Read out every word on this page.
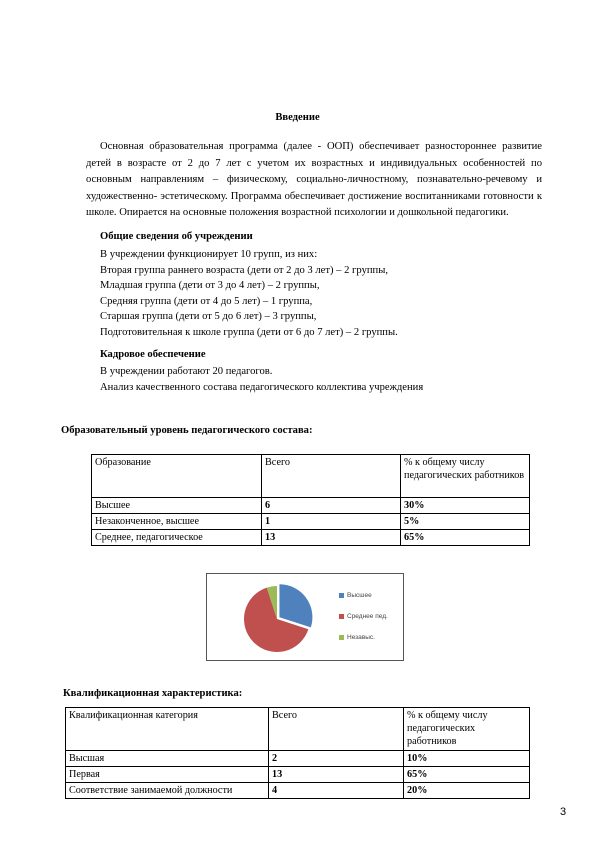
Введение

Основная образовательная программа (далее - ООП) обеспечивает разностороннее развитие детей в возрасте от 2 до 7 лет с учетом их возрастных и индивидуальных особенностей по основным направлениям – физическому, социально-личностному, познавательно-речевому и художественно- эстетическому. Программа обеспечивает достижение воспитанниками готовности к школе. Опирается на основные положения возрастной психологии и дошкольной педагогики.

Общие сведения об учреждении
В учреждении функционирует 10 групп, из них:
Вторая группа раннего возраста (дети от 2 до 3 лет) – 2 группы,
Младшая группа (дети от 3 до 4 лет) – 2 группы,
Средняя группа (дети от 4 до 5 лет) – 1 группа,
Старшая группа (дети от 5 до 6 лет) – 3 группы,
Подготовительная к школе группа (дети от 6 до 7 лет) – 2 группы.
Кадровое обеспечение
В учреждении работают 20 педагогов.
Анализ качественного состава педагогического коллектива учреждения
Образовательный уровень педагогического состава:
Образование	Всего	% к общему числу педагогических работников
Высшее	6	30%
Незаконченное, высшее	1	5%
Среднее, педагогическое	13	65%
Высшее
Среднее пед.
Незавыс.
Квалификационная характеристика:
Квалификационная категория	Всего	% к общему числу педагогических работников
Высшая	2	10%
Первая	13	65%
Соответствие занимаемой должности	4	20%
3
